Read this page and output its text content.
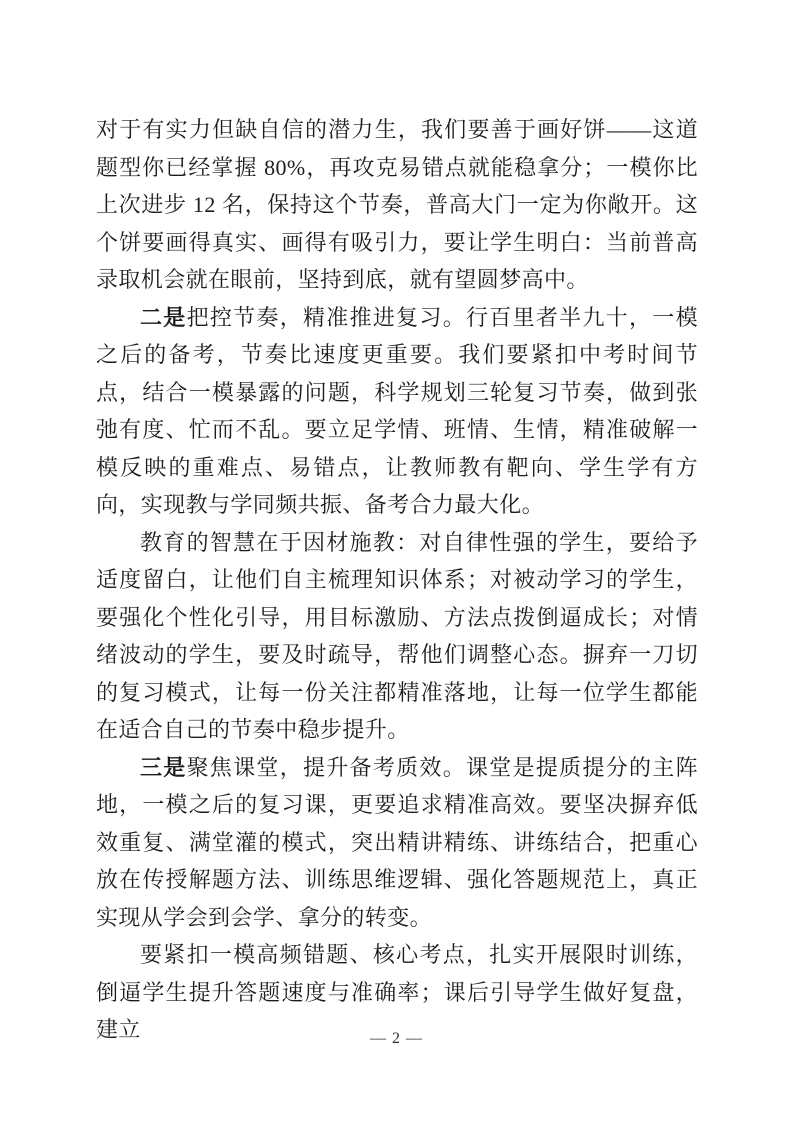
对于有实力但缺自信的潜力生，我们要善于画好饼——这道题型你已经掌握 80%，再攻克易错点就能稳拿分；一模你比上次进步 12 名，保持这个节奏，普高大门一定为你敞开。这个饼要画得真实、画得有吸引力，要让学生明白：当前普高录取机会就在眼前，坚持到底，就有望圆梦高中。

二是把控节奏，精准推进复习。行百里者半九十，一模之后的备考，节奏比速度更重要。我们要紧扣中考时间节点，结合一模暴露的问题，科学规划三轮复习节奏，做到张弛有度、忙而不乱。要立足学情、班情、生情，精准破解一模反映的重难点、易错点，让教师教有靶向、学生学有方向，实现教与学同频共振、备考合力最大化。

教育的智慧在于因材施教：对自律性强的学生，要给予适度留白，让他们自主梳理知识体系；对被动学习的学生，要强化个性化引导，用目标激励、方法点拨倒逼成长；对情绪波动的学生，要及时疏导，帮他们调整心态。摒弃一刀切的复习模式，让每一份关注都精准落地，让每一位学生都能在适合自己的节奏中稳步提升。

三是聚焦课堂，提升备考质效。课堂是提质提分的主阵地，一模之后的复习课，更要追求精准高效。要坚决摒弃低效重复、满堂灌的模式，突出精讲精练、讲练结合，把重心放在传授解题方法、训练思维逻辑、强化答题规范上，真正实现从学会到会学、拿分的转变。

要紧扣一模高频错题、核心考点，扎实开展限时训练，倒逼学生提升答题速度与准确率；课后引导学生做好复盘，建立	— 2 —
